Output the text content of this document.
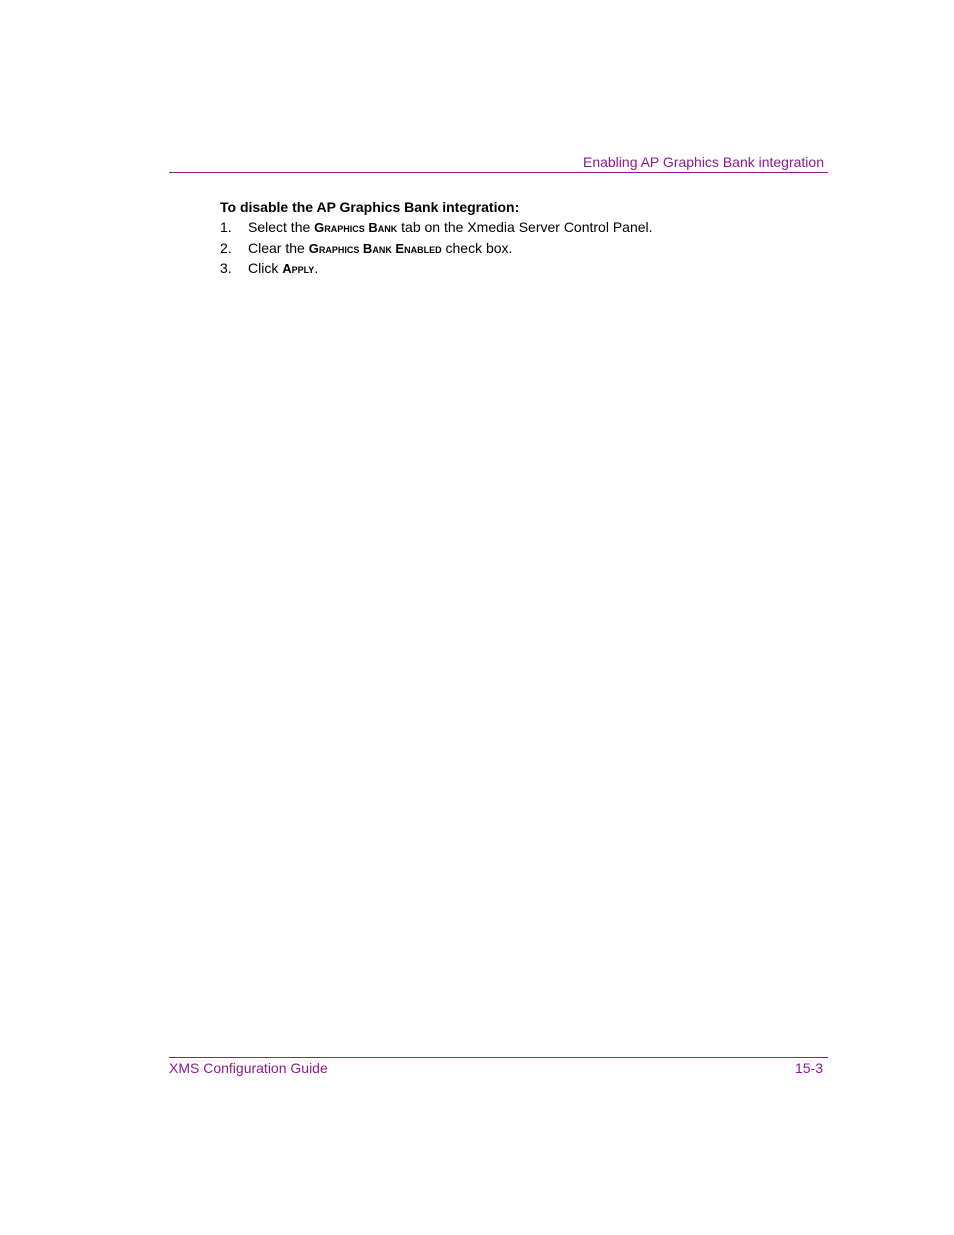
Enabling AP Graphics Bank integration

To disable the AP Graphics Bank integration:

1. Select the Graphics Bank tab on the Xmedia Server Control Panel.
2. Clear the Graphics Bank Enabled check box.
3. Click Apply.
XMS Configuration Guide	15-3
